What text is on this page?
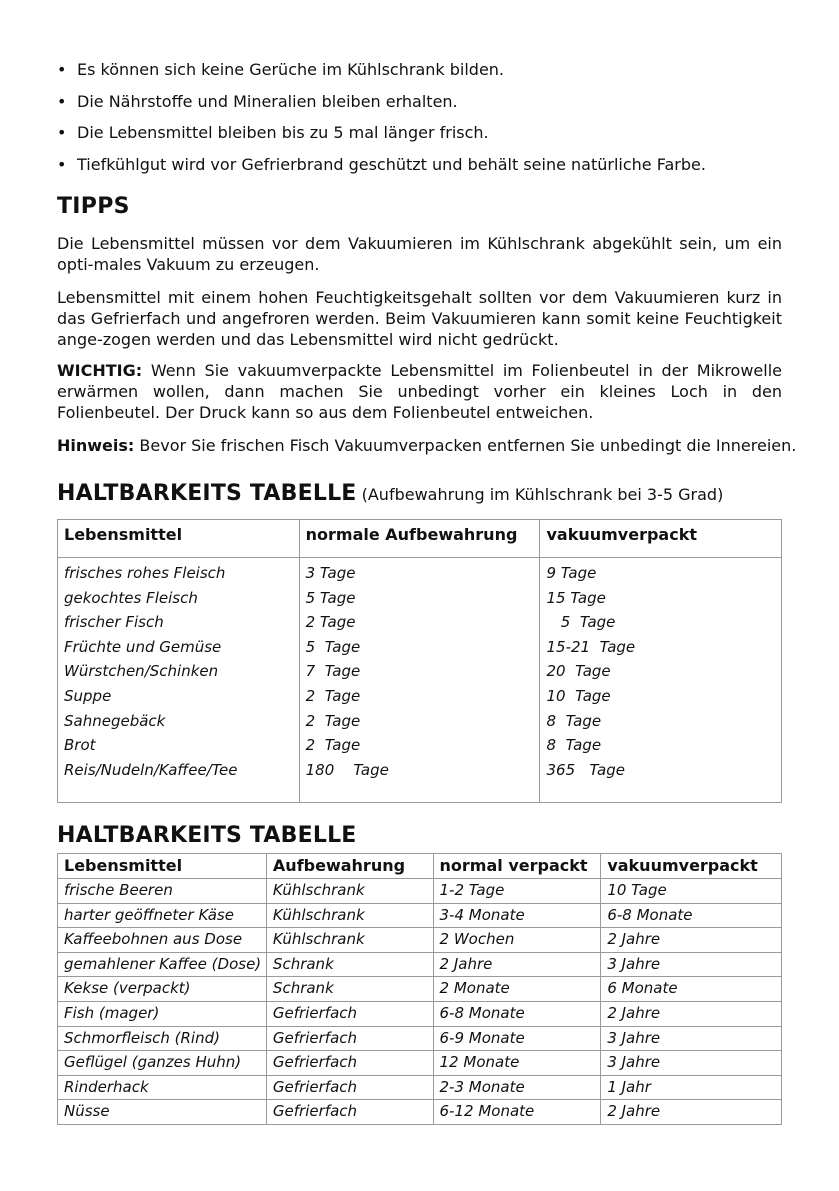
• Es können sich keine Gerüche im Kühlschrank bilden.
• Die Nährstoffe und Mineralien bleiben erhalten.
• Die Lebensmittel bleiben bis zu 5 mal länger frisch.
• Tiefkühlgut wird vor Gefrierbrand geschützt und behält seine natürliche Farbe.
TIPPS

Die Lebensmittel müssen vor dem Vakuumieren im Kühlschrank abgekühlt sein, um ein opti-males Vakuum zu erzeugen.

Lebensmittel mit einem hohen Feuchtigkeitsgehalt sollten vor dem Vakuumieren kurz in das Gefrierfach und angefroren werden. Beim Vakuumieren kann somit keine Feuchtigkeit ange-zogen werden und das Lebensmittel wird nicht gedrückt.

WICHTIG: Wenn Sie vakuumverpackte Lebensmittel im Folienbeutel in der Mikrowelle erwärmen wollen, dann machen Sie unbedingt vorher ein kleines Loch in den Folienbeutel. Der Druck kann so aus dem Folienbeutel entweichen.

Hinweis: Bevor Sie frischen Fisch Vakuumverpacken entfernen Sie unbedingt die Innereien.

HALTBARKEITS TABELLE (Aufbewahrung im Kühlschrank bei 3-5 Grad)
Lebensmittel	normale Aufbewahrung	vakuumverpackt
frisches rohes Fleisch	3 Tage	9 Tage
gekochtes Fleisch	5 Tage	15 Tage
frischer Fisch	2 Tage	5  Tage
Früchte und Gemüse	5  Tage	15-21  Tage
Würstchen/Schinken	7  Tage	20  Tage
Suppe	2  Tage	10  Tage
Sahnegebäck	2  Tage	8  Tage
Brot	2  Tage	8  Tage
Reis/Nudeln/Kaffee/Tee	180    Tage	365   Tage
HALTBARKEITS TABELLE
Lebensmittel	Aufbewahrung	normal verpackt	vakuumverpackt
frische Beeren	Kühlschrank	1-2 Tage	10 Tage
harter geöffneter Käse	Kühlschrank	3-4 Monate	6-8 Monate
Kaffeebohnen aus Dose	Kühlschrank	2 Wochen	2 Jahre
gemahlener Kaffee (Dose)	Schrank	2 Jahre	3 Jahre
Kekse (verpackt)	Schrank	2 Monate	6 Monate
Fish (mager)	Gefrierfach	6-8 Monate	2 Jahre
Schmorfleisch (Rind)	Gefrierfach	6-9 Monate	3 Jahre
Geflügel (ganzes Huhn)	Gefrierfach	12 Monate	3 Jahre
Rinderhack	Gefrierfach	2-3 Monate	1 Jahr
Nüsse	Gefrierfach	6-12 Monate	2 Jahre
